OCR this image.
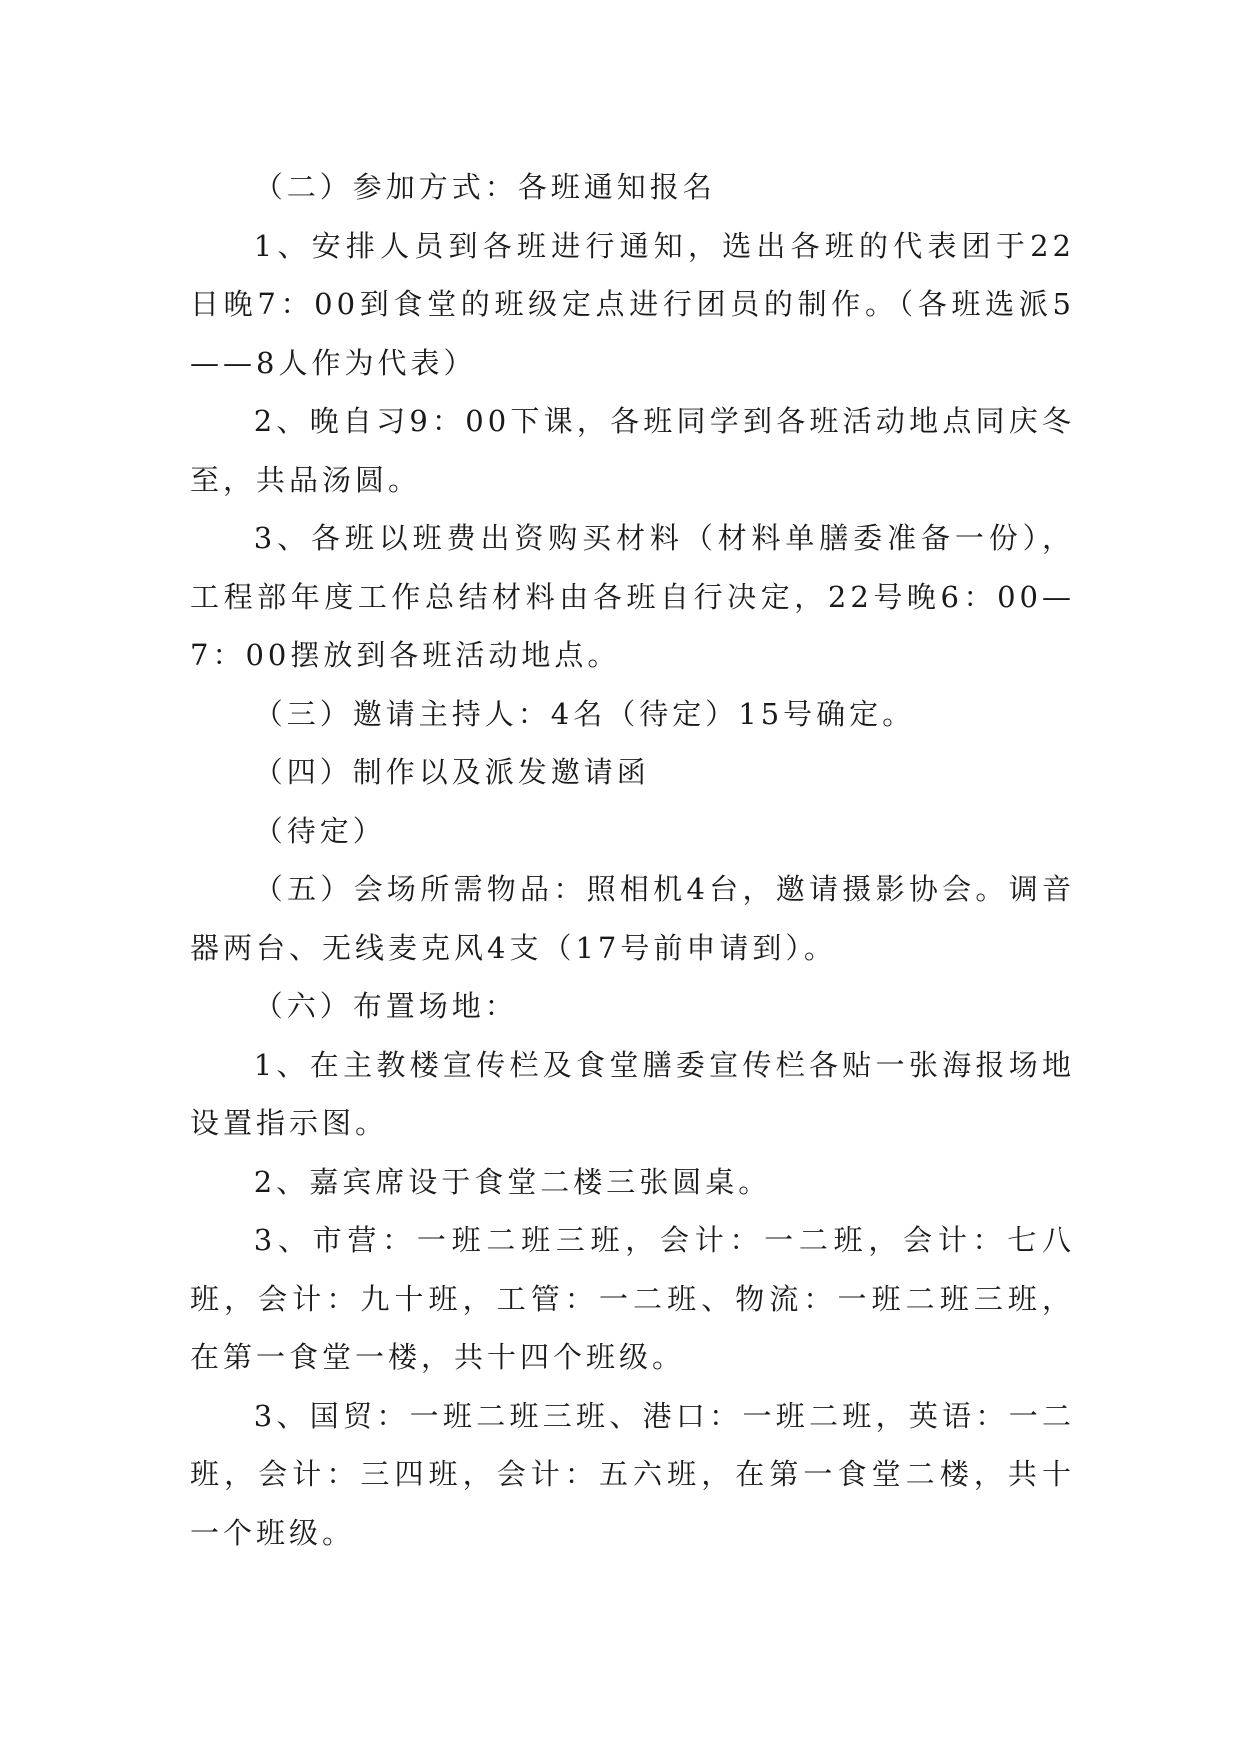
（二）参加方式：各班通知报名

1、安排人员到各班进行通知，选出各班的代表团于22日晚7：00到食堂的班级定点进行团员的制作。（各班选派5——8人作为代表）

2、晚自习9：00下课，各班同学到各班活动地点同庆冬至，共品汤圆。

3、各班以班费出资购买材料（材料单膳委准备一份），工程部年度工作总结材料由各班自行决定，22号晚6：00—7：00摆放到各班活动地点。

（三）邀请主持人：4名（待定）15号确定。

（四）制作以及派发邀请函

（待定）

（五）会场所需物品：照相机4台，邀请摄影协会。调音器两台、无线麦克风4支（17号前申请到）。

（六）布置场地：

1、在主教楼宣传栏及食堂膳委宣传栏各贴一张海报场地设置指示图。

2、嘉宾席设于食堂二楼三张圆桌。

3、市营：一班二班三班，会计：一二班，会计：七八班，会计：九十班，工管：一二班、物流：一班二班三班，在第一食堂一楼，共十四个班级。

3、国贸：一班二班三班、港口：一班二班，英语：一二班，会计：三四班，会计：五六班，在第一食堂二楼，共十一个班级。
